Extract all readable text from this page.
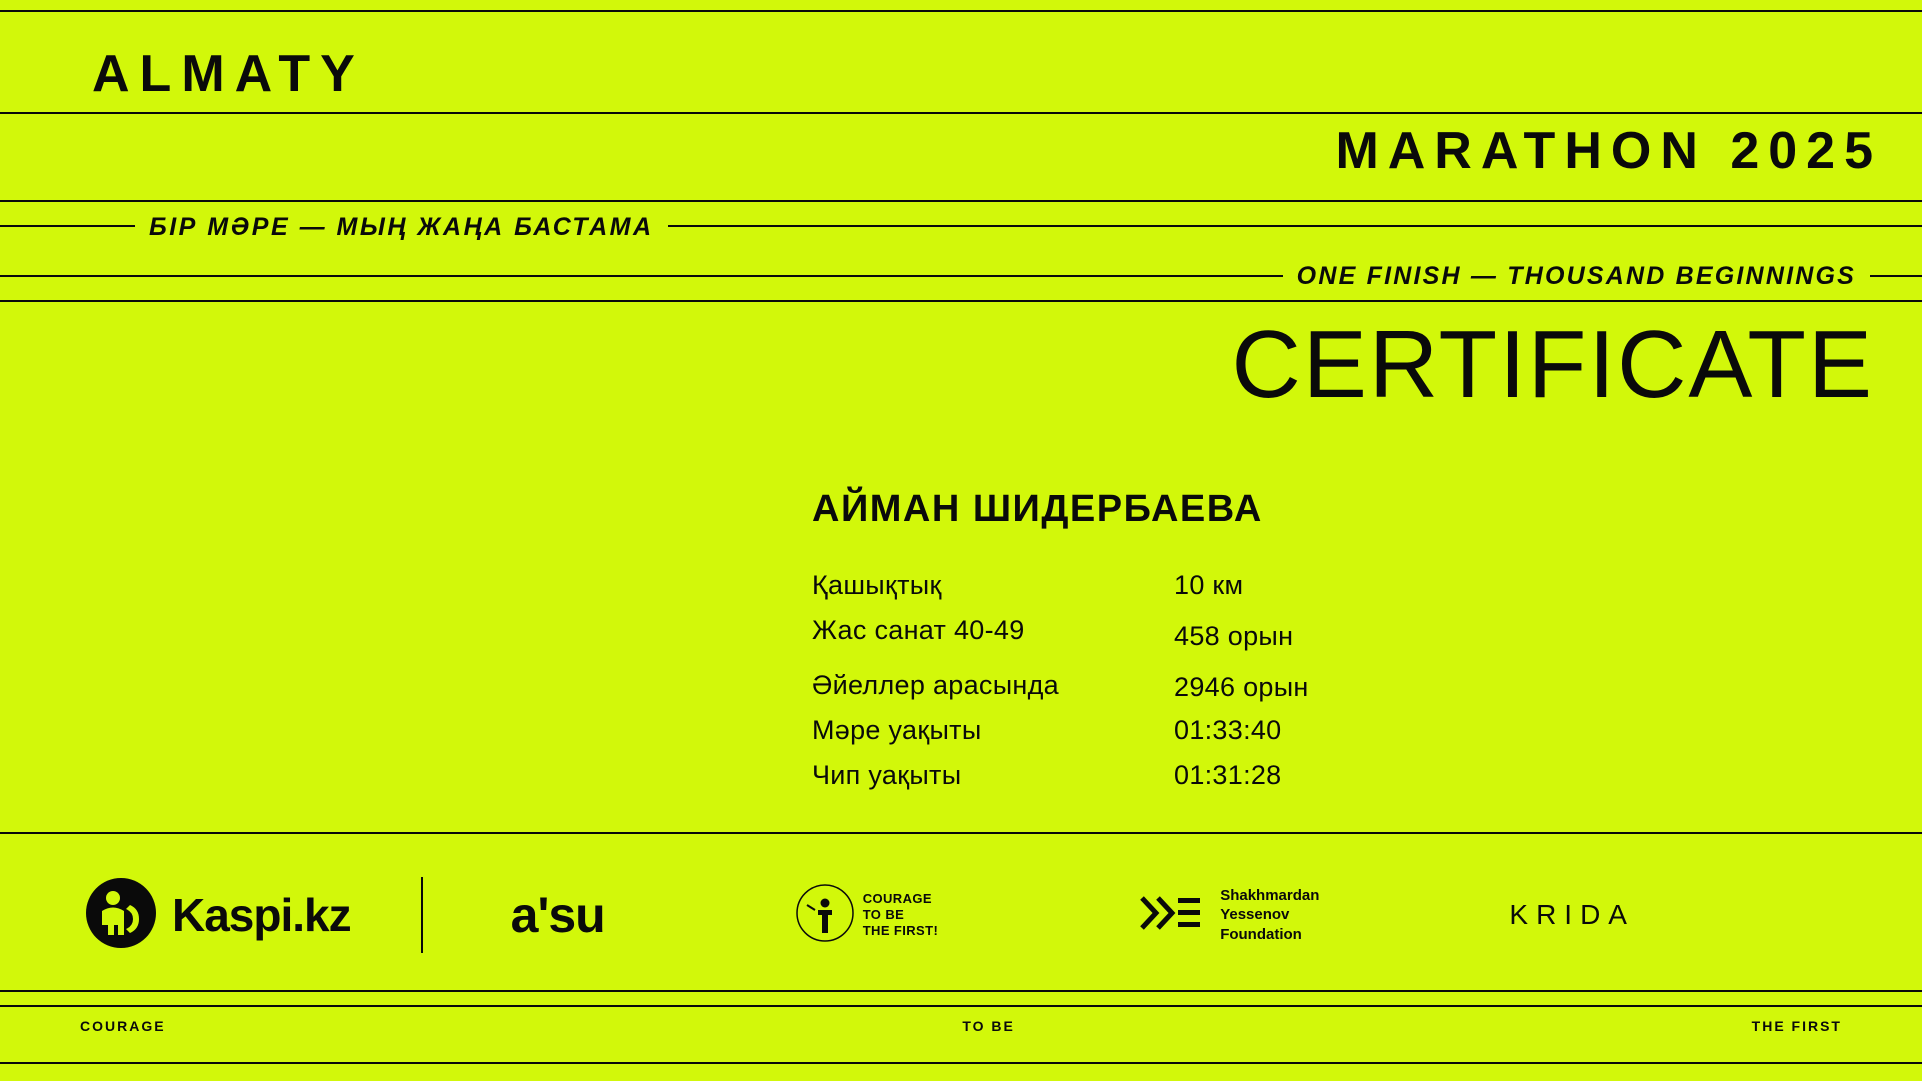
ALMATY
MARATHON 2025
БІР МӘРЕ — МЫҢ ЖАҢА БАСТАМА
ONE FINISH — THOUSAND BEGINNINGS
CERTIFICATE
АЙМАН ШИДЕРБАЕВА
Қашықтық	10 км
Жас санат 40-49	458 орын
Әйеллер арасында	2946 орын
Мәре уақыты	01:33:40
Чип уақыты	01:31:28
Kaspi.kz	a'su	COURAGE
TO BE
THE FIRST!
Shakhmardan
Yessenov
Foundation
KRIDA
COURAGE	TO BE	THE FIRST
